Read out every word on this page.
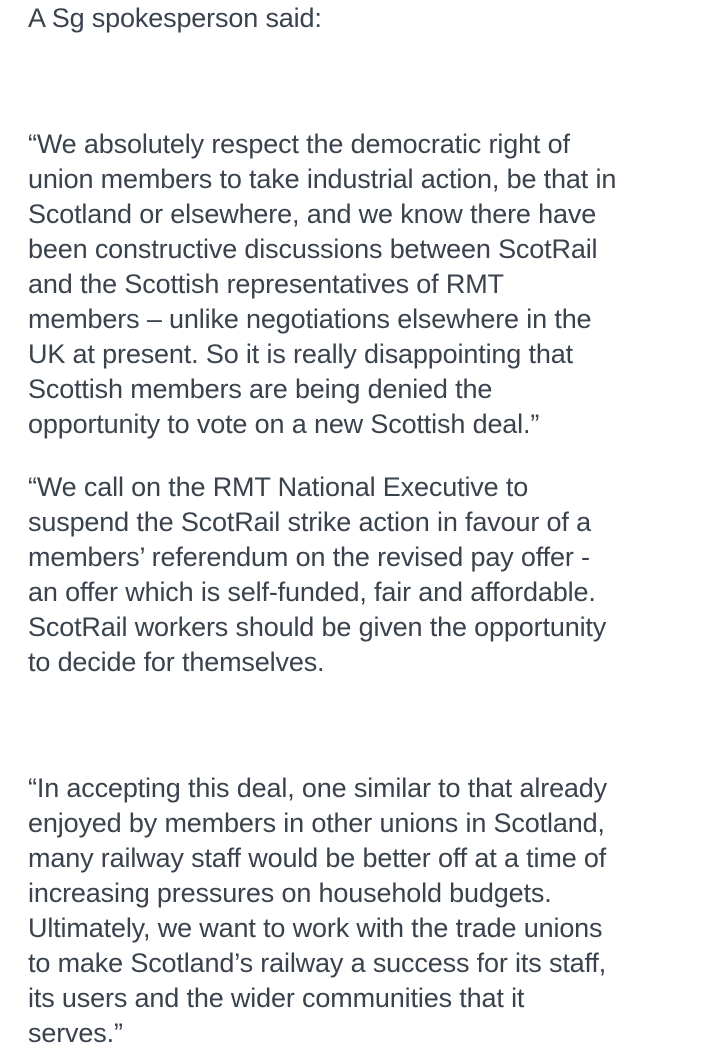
A Sg spokesperson said:

“We absolutely respect the democratic right of
union members to take industrial action, be that in
Scotland or elsewhere, and we know there have
been constructive discussions between ScotRail
and the Scottish representatives of RMT
members – unlike negotiations elsewhere in the
UK at present. So it is really disappointing that
Scottish members are being denied the
opportunity to vote on a new Scottish deal.”

“We call on the RMT National Executive to
suspend the ScotRail strike action in favour of a
members’ referendum on the revised pay offer -
an offer which is self-funded, fair and affordable.
ScotRail workers should be given the opportunity
to decide for themselves.

“In accepting this deal, one similar to that already
enjoyed by members in other unions in Scotland,
many railway staff would be better off at a time of
increasing pressures on household budgets.
Ultimately, we want to work with the trade unions
to make Scotland’s railway a success for its staff,
its users and the wider communities that it
serves.”
